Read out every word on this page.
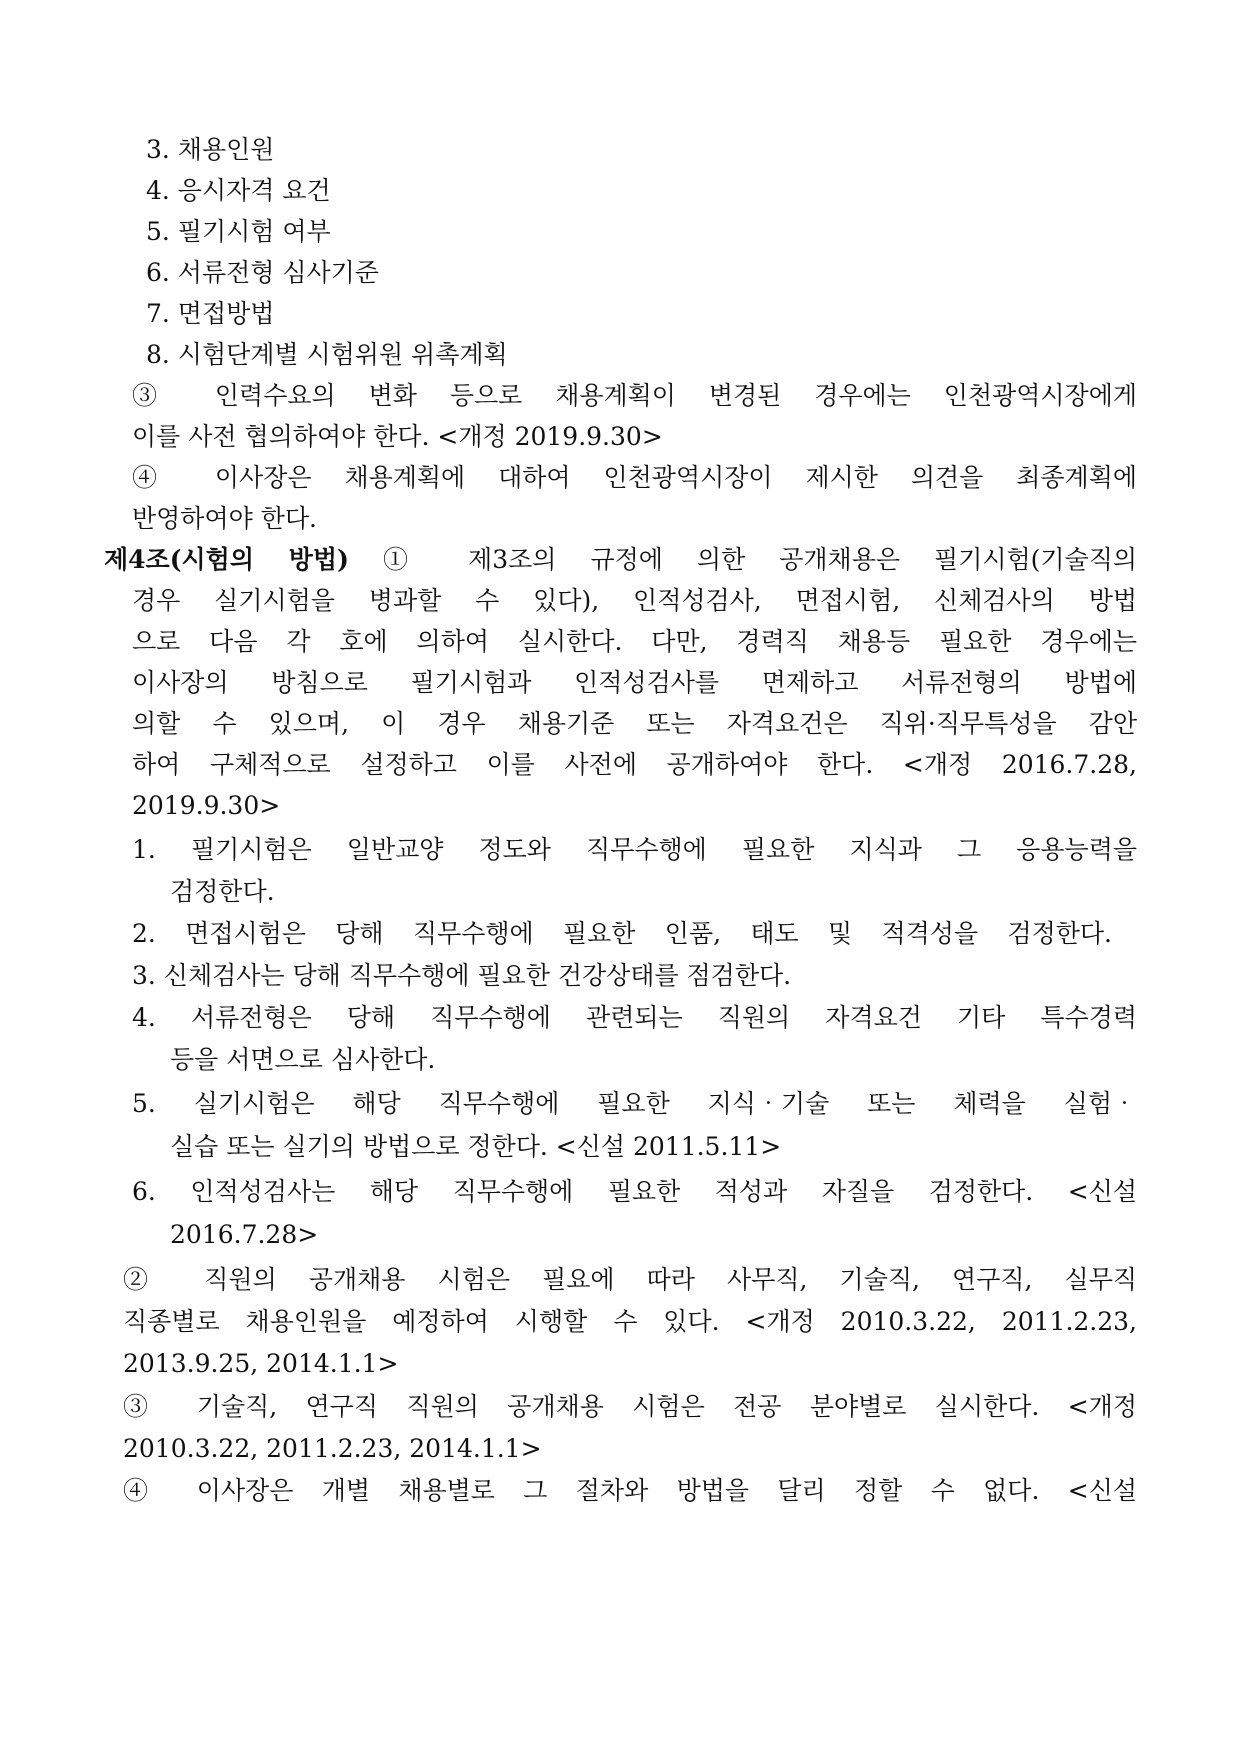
3. 채용인원
4. 응시자격 요건
5. 필기시험 여부
6. 서류전형 심사기준
7. 면접방법
8. 시험단계별 시험위원 위촉계획
③ 인력수요의 변화 등으로 채용계획이 변경된 경우에는 인천광역시장에게
이를 사전 협의하여야 한다. <개정 2019.9.30>
④ 이사장은 채용계획에 대하여 인천광역시장이 제시한 의견을 최종계획에
반영하여야 한다.
제4조(시험의 방법) ① 제3조의 규정에 의한 공개채용은 필기시험(기술직의
경우 실기시험을 병과할 수 있다), 인적성검사, 면접시험, 신체검사의 방법
으로 다음 각 호에 의하여 실시한다. 다만, 경력직 채용등 필요한 경우에는
이사장의 방침으로 필기시험과 인적성검사를 면제하고 서류전형의 방법에
의할 수 있으며, 이 경우 채용기준 또는 자격요건은 직위·직무특성을 감안
하여 구체적으로 설정하고 이를 사전에 공개하여야 한다. <개정 2016.7.28,
2019.9.30>
1. 필기시험은 일반교양 정도와 직무수행에 필요한 지식과 그 응용능력을
검정한다.
2. 면접시험은 당해 직무수행에 필요한 인품, 태도 및 적격성을 검정한다.
3. 신체검사는 당해 직무수행에 필요한 건강상태를 점검한다.
4. 서류전형은 당해 직무수행에 관련되는 직원의 자격요건 기타 특수경력
등을 서면으로 심사한다.
5. 실기시험은 해당 직무수행에 필요한 지식‧기술 또는 체력을 실험‧
실습 또는 실기의 방법으로 정한다. <신설 2011.5.11>
6. 인적성검사는 해당 직무수행에 필요한 적성과 자질을 검정한다. <신설
2016.7.28>
② 직원의 공개채용 시험은 필요에 따라 사무직, 기술직, 연구직, 실무직
직종별로 채용인원을 예정하여 시행할 수 있다. <개정 2010.3.22, 2011.2.23,
2013.9.25, 2014.1.1>
③ 기술직, 연구직 직원의 공개채용 시험은 전공 분야별로 실시한다. <개정
2010.3.22, 2011.2.23, 2014.1.1>
④ 이사장은 개별 채용별로 그 절차와 방법을 달리 정할 수 없다. <신설
